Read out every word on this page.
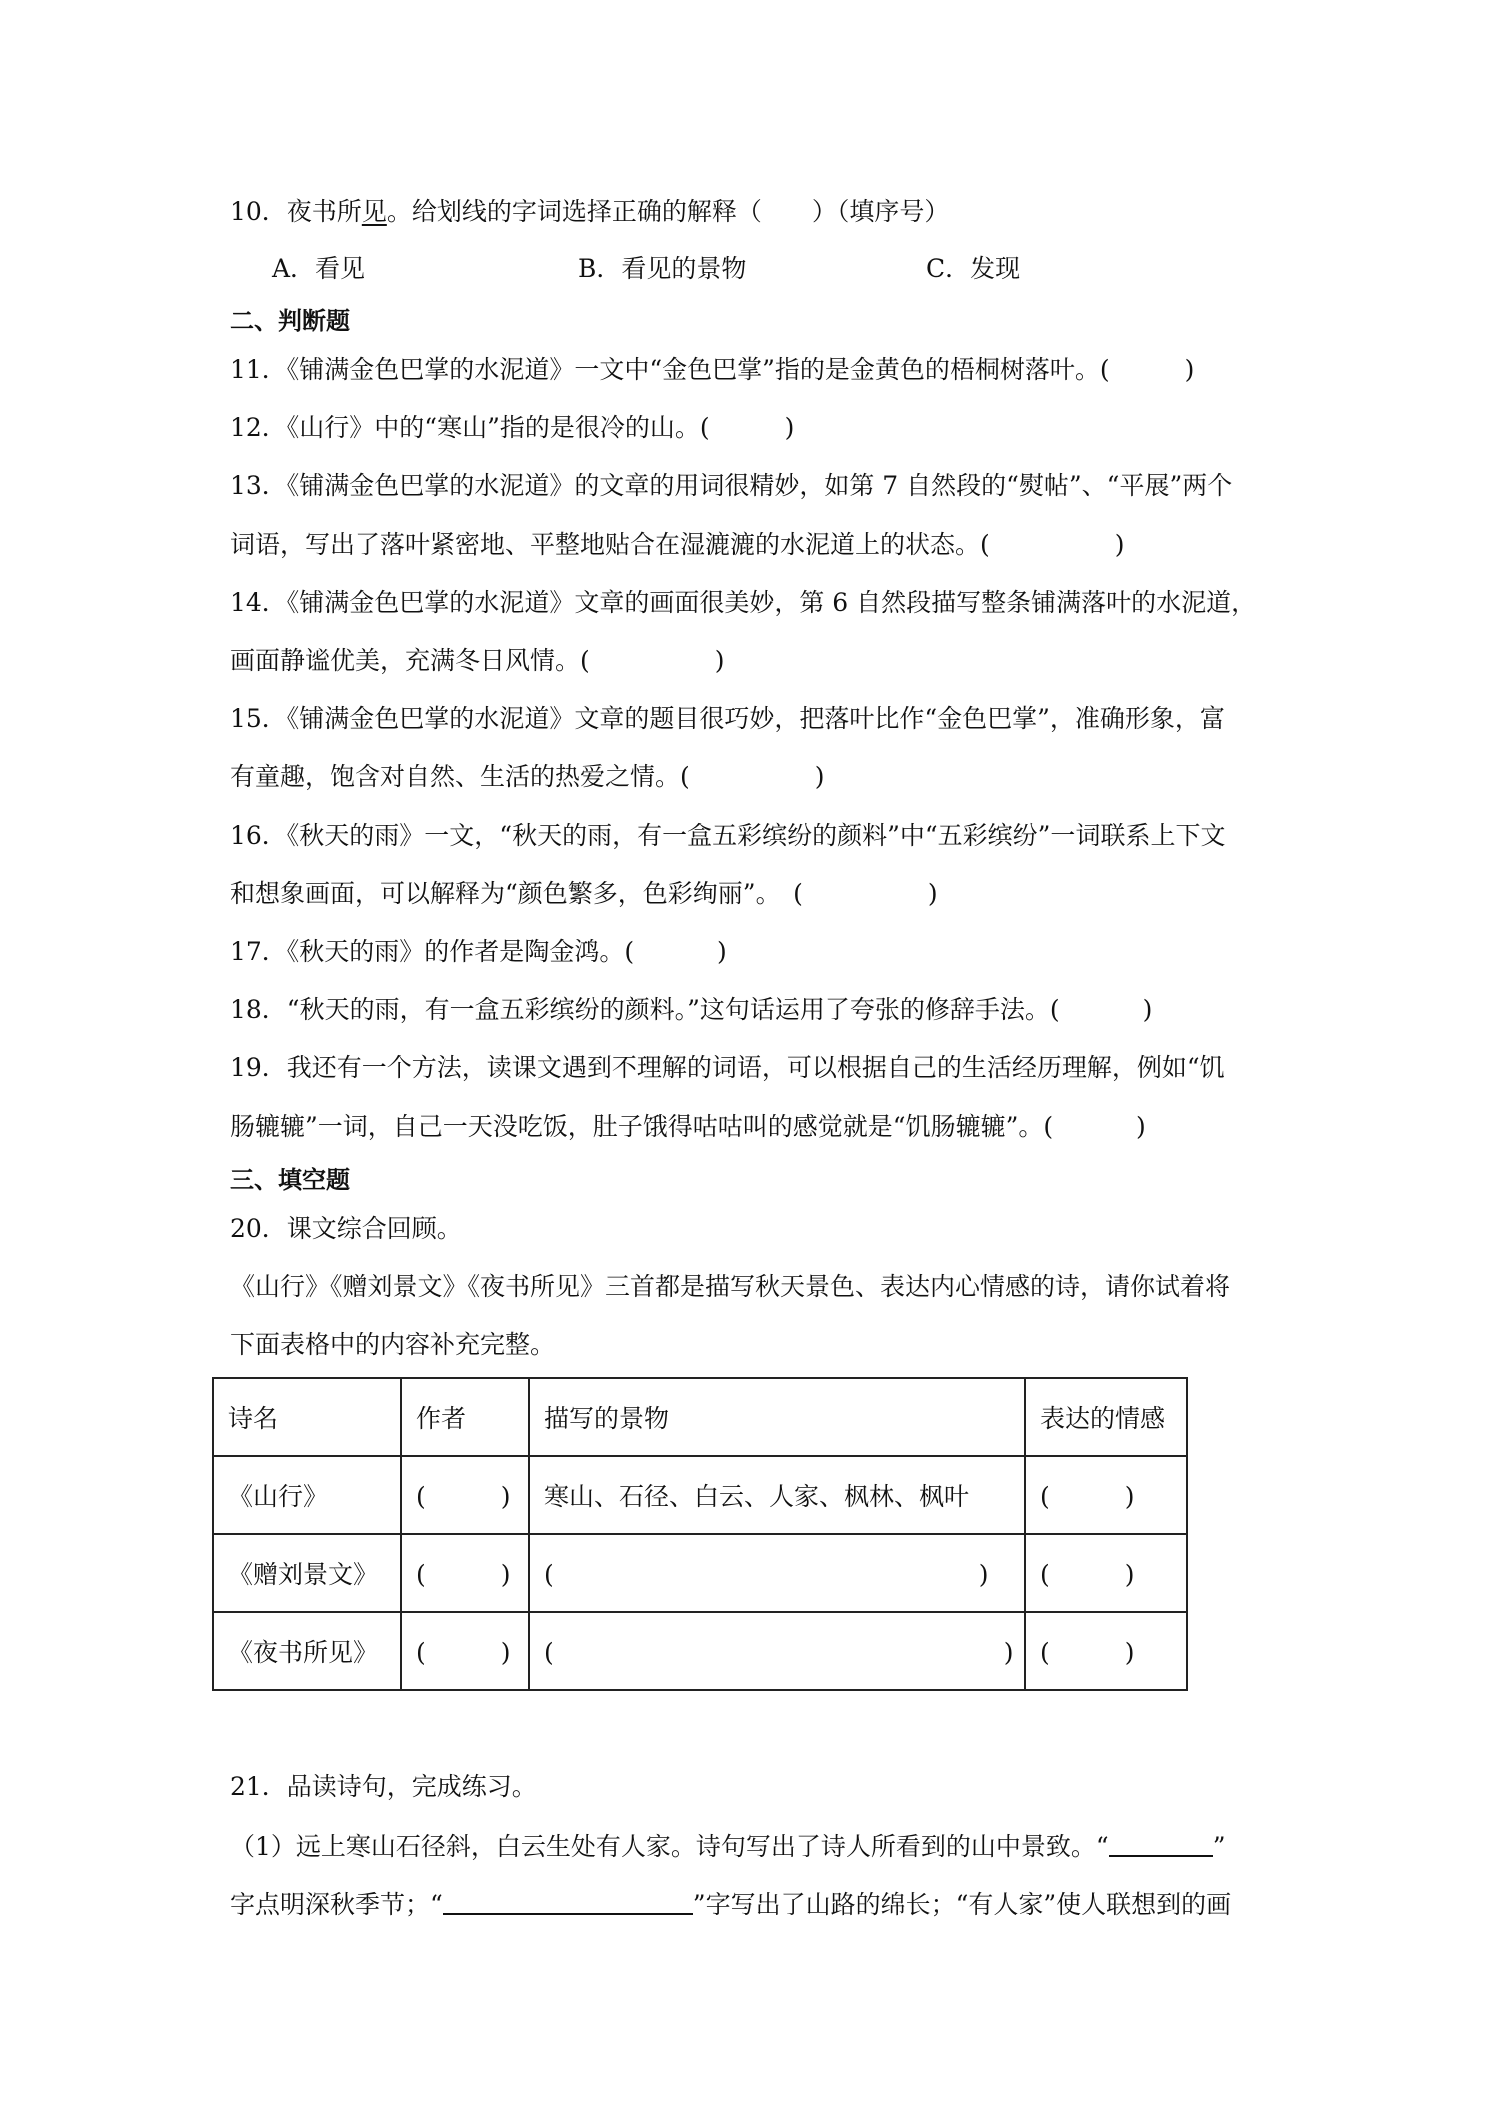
10．夜书所见。给划线的字词选择正确的解释（　　）（填序号）
A．看见	B．看见的景物	C．发现
二、判断题
11．《铺满金色巴掌的水泥道》一文中“金色巴掌”指的是金黄色的梧桐树落叶。(　　　)
12．《山行》中的“寒山”指的是很冷的山。(　　　)
13．《铺满金色巴掌的水泥道》的文章的用词很精妙，如第 7 自然段的“熨帖”、“平展”两个
词语，写出了落叶紧密地、平整地贴合在湿漉漉的水泥道上的状态。(　　　　　)
14．《铺满金色巴掌的水泥道》文章的画面很美妙，第 6 自然段描写整条铺满落叶的水泥道，
画面静谧优美，充满冬日风情。(　　　　　)
15．《铺满金色巴掌的水泥道》文章的题目很巧妙，把落叶比作“金色巴掌”，准确形象，富
有童趣，饱含对自然、生活的热爱之情。(　　　　　)
16．《秋天的雨》一文，“秋天的雨，有一盒五彩缤纷的颜料”中“五彩缤纷”一词联系上下文
和想象画面，可以解释为“颜色繁多，色彩绚丽”。　(　　　　　)
17．《秋天的雨》的作者是陶金鸿。(　　　 )
18．“秋天的雨，有一盒五彩缤纷的颜料。”这句话运用了夸张的修辞手法。(　　　 )
19．我还有一个方法，读课文遇到不理解的词语，可以根据自己的生活经历理解，例如“饥
肠辘辘”一词，自己一天没吃饭，肚子饿得咕咕叫的感觉就是“饥肠辘辘”。(　　　 )
三、填空题
20．课文综合回顾。
《山行》《赠刘景文》《夜书所见》三首都是描写秋天景色、表达内心情感的诗，请你试着将
下面表格中的内容补充完整。
诗名	作者	描写的景物	表达的情感
《山行》	(　　　)	寒山、石径、白云、人家、枫林、枫叶	(　　　)
《赠刘景文》	(　　　)	(　　　　　　　　　　　　　　　　　)	(　　　)
《夜书所见》	(　　　)	(　　　　　　　　　　　　　　　　　　)	(　　　)
21．品读诗句，完成练习。
（1）远上寒山石径斜，白云生处有人家。诗句写出了诗人所看到的山中景致。“	”
字点明深秋季节；“	”字写出了山路的绵长；“有人家”使人联想到的画
